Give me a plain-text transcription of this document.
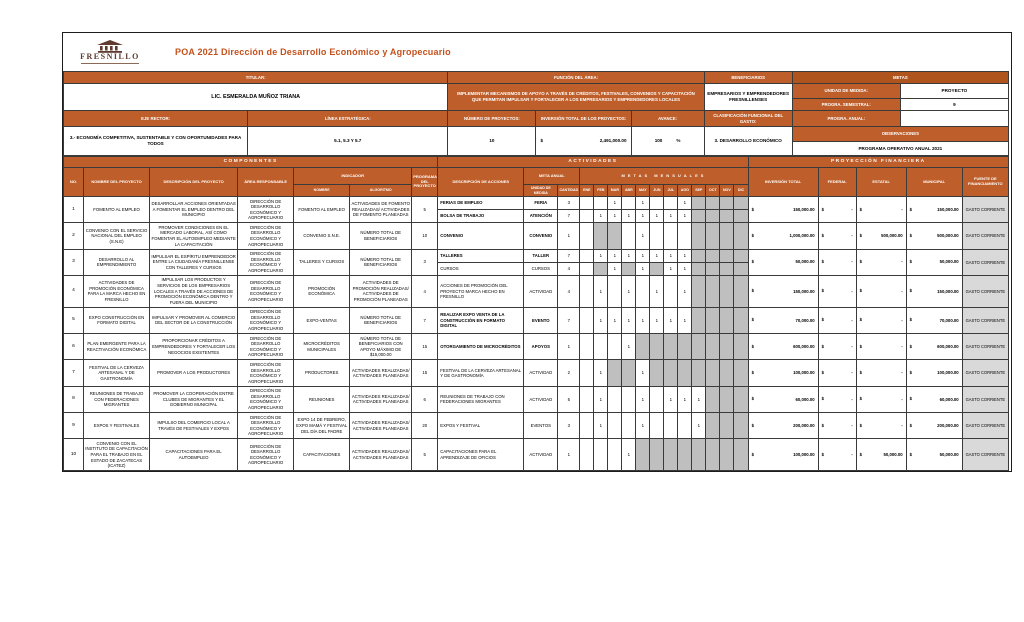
FRESNILLO	POA 2021 Dirección de Desarrollo Económico y Agropecuario
TITULAR:		FUNCIÓN DEL ÁREA:			BENEFICIARIOS	METAS	
LIC. ESMERALDA MUÑOZ TRIANA		IMPLEMENTAR MECANISMOS DE APOYO A TRAVÉS DE CRÉDITOS, FESTIVALES, CONVENIOS Y CAPACITACIÓN QUE PERMITAN IMPULSAR Y FORTALECER A LOS EMPRESARIOS Y EMPRENDEDORES LOCALES			EMPRESARIOS Y EMPRENDEDORES FRESNILLENSES	UNIDAD DE MEDIDA:	PROYECTO
						PROGRA. SEMESTRAL:	9
EJE RECTOR:	LÍNEA ESTRATÉGICA:	NÚMERO DE PROYECTOS:	INVERSIÓN TOTAL DE LOS PROYECTOS:	AVANCE:	CLASIFICACIÓN FUNCIONAL DEL GASTO:	PROGRA. ANUAL:	
3.- ECONOMÍA COMPETITIVA, SUSTENTABLE Y CON OPORTUNIDADES PARA TODOS	5.1, 5.3 Y 5.7	10	$ 2,491,000.00	100 %	3. DESARROLLO ECONÓMICO	OBSERVACIONES	
						PROGRAMA OPERATIVO ANUAL 2021	
COMPONENTES							ACTIVIDADES															PROYECCIÓN FINANCIERA				
NO.	NOMBRE DEL PROYECTO	DESCRIPCIÓN DEL PROYECTO	ÁREA RESPONSABLE	INDICADOR		PROGRAMA DEL PROYECTO	DESCRIPCIÓN DE ACCIONES	META ANUAL		METAS MENSUALES												INVERSIÓN TOTAL	FEDERAL	ESTATAL	MUNICIPAL	FUENTE DE FINANCIAMIENTO
				NOMBRE	ALGORITMO			UNIDAD DE MEDIDA	CANTIDAD	ENE	FEB	MAR	ABR	MAY	JUN	JUL	AGO	SEP	OCT	NOV	DIC					
1	FOMENTO AL EMPLEO	DESARROLLAR ACCIONES ORIENTADAS A FOMENTAR EL EMPLEO DENTRO DEL MUNICIPIO	DIRECCIÓN DE DESARROLLO ECONÓMICO Y AGROPECUARIO	FOMENTO AL EMPLEO	ACTIVIDADES DE FOMENTO REALIZADAS/ ACTIVIDADES DE FOMENTO PLANEADAS	5	FERIAS DE EMPLEO	FERIA	3			1		1			1					$ 150,000.00	$ -	$ -	$ 150,000.00	GASTO CORRIENTE
							BOLSA DE TRABAJO	ATENCIÓN	7		1	1	1	1	1	1	1									
2	CONVENIO CON EL SERVICIO NACIONAL DEL EMPLEO (S.N.E)	PROMOVER CONDICIONES EN EL MERCADO LABORAL, ASÍ COMO FOMENTAR EL AUTOEMPLEO MEDIANTE LA CAPACITACIÓN	DIRECCIÓN DE DESARROLLO ECONÓMICO Y AGROPECUARIO	CONVENIO S.N.E.	NÚMERO TOTAL DE BENEFICIARIOS	10	CONVENIO	CONVENIO	1					1								$ 1,000,000.00	$ -	$ 500,000.00	$ 500,000.00	GASTO CORRIENTE
3	DESARROLLO AL EMPRENDIMIENTO	IMPULSAR EL ESPÍRITU EMPRENDEDOR ENTRE LA CIUDADANÍA FRESNILLENSE CON TALLERES Y CURSOS	DIRECCIÓN DE DESARROLLO ECONÓMICO Y AGROPECUARIO	TALLERES Y CURSOS	NÚMERO TOTAL DE BENEFICIARIOS	3	TALLERES	TALLER	7		1	1	1	1	1	1	1					$ 50,000.00	$ -	$ -	$ 50,000.00	GASTO CORRIENTE
							CURSOS	CURSOS	4			1		1		1	1									
4	ACTIVIDADES DE PROMOCIÓN ECONÓMICA PARA LA MARCA HECHO EN FRESNILLO	IMPULSAR LOS PRODUCTOS Y SERVICIOS DE LOS EMPRESARIOS LOCALES A TRAVÉS DE ACCIONES DE PROMOCIÓN ECONÓMICA DENTRO Y FUERA DEL MUNICIPIO	DIRECCIÓN DE DESARROLLO ECONÓMICO Y AGROPECUARIO	PROMOCIÓN ECONÓMICA	ACTIVIDADES DE PROMOCIÓN REALIZADAS/ ACTIVIDADES DE PROMOCIÓN PLANEADAS	4	ACCIONES DE PROMOCIÓN DEL PROYECTO MARCA HECHO EN FRESNILLO	ACTIVIDAD	4		1		1		1		1					$ 150,000.00	$ -	$ -	$ 150,000.00	GASTO CORRIENTE
5	EXPO CONSTRUCCIÓN EN FORMATO DIGITAL	IMPULSAR Y PROMOVER AL COMERCIO DEL SECTOR DE LA CONSTRUCCIÓN	DIRECCIÓN DE DESARROLLO ECONÓMICO Y AGROPECUARIO	EXPO-VENTAS	NÚMERO TOTAL DE BENEFICIARIOS	7	REALIZAR EXPO VENTA DE LA CONSTRUCCIÓN EN FORMATO DIGITAL	EVENTO	7		1	1	1	1	1	1	1					$ 70,000.00	$ -	$ -	$ 70,000.00	GASTO CORRIENTE
6	PLAN EMERGENTE PARA LA REACTIVACIÓN ECONÓMICA	PROPORCIONAR CRÉDITOS A EMPRENDEDORES Y FORTALECER LOS NEGOCIOS EXISTENTES	DIRECCIÓN DE DESARROLLO ECONÓMICO Y AGROPECUARIO	MICROCRÉDITOS MUNICIPALES	NÚMERO TOTAL DE BENEFICIARIOS CON APOYO MÁXIMO DE $15,000.00	15	OTORGAMIENTO DE MICROCRÉDITOS	APOYOS	1				1									$ 600,000.00	$ -	$ -	$ 600,000.00	GASTO CORRIENTE
7	FESTIVAL DE LA CERVEZA ARTESANAL Y DE GASTRONOMÍA	PROMOVER A LOS PRODUCTORES	DIRECCIÓN DE DESARROLLO ECONÓMICO Y AGROPECUARIO	PRODUCTORES	ACTIVIDADES REALIZADAS/ ACTIVIDADES PLANEADAS	15	FESTIVAL DE LA CERVEZA ARTESANAL Y DE GASTRONOMÍA	ACTIVIDAD	2		1			1								$ 100,000.00	$ -	$ -	$ 100,000.00	GASTO CORRIENTE
8	REUNIONES DE TRABAJO CON FEDERACIONES MIGRANTES	PROMOVER LA COOPERACIÓN ENTRE CLUBES DE MIGRANTES Y EL GOBIERNO MUNICIPAL	DIRECCIÓN DE DESARROLLO ECONÓMICO Y AGROPECUARIO	REUNIONES	ACTIVIDADES REALIZADAS/ ACTIVIDADES PLANEADAS	6	REUNIONES DE TRABAJO CON FEDERACIONES MIGRANTES	ACTIVIDAD	5		1			1		1	1	1				$ 60,000.00	$ -	$ -	$ 60,000.00	GASTO CORRIENTE
9	EXPOS Y FESTIVALES	IMPULSO DEL COMERCIO LOCAL A TRAVÉS DE FESTIVALES Y EXPOS	DIRECCIÓN DE DESARROLLO ECONÓMICO Y AGROPECUARIO	EXPO 14 DE FEBRERO, EXPO MAMÁ Y FESTIVAL DEL DÍA DEL PADRE	ACTIVIDADES REALIZADAS/ ACTIVIDADES PLANEADAS	20	EXPOS Y FESTIVAL	EVENTOS	3		1			1				1				$ 200,000.00	$ -	$ -	$ 200,000.00	GASTO CORRIENTE
10	CONVENIO CON EL INSTITUTO DE CAPACITACIÓN PARA EL TRABAJO EN EL ESTADO DE ZACATECAS (ICATEZ)	CAPACITACIONES PARA EL AUTOEMPLEO	DIRECCIÓN DE DESARROLLO ECONÓMICO Y AGROPECUARIO	CAPACITACIONES	ACTIVIDADES REALIZADAS/ ACTIVIDADES PLANEADAS	5	CAPACITACIONES PARA EL APRENDIZAJE DE OFICIOS	ACTIVIDAD	1				1									$ 100,000.00	$ -	$ 50,000.00	$ 50,000.00	GASTO CORRIENTE
